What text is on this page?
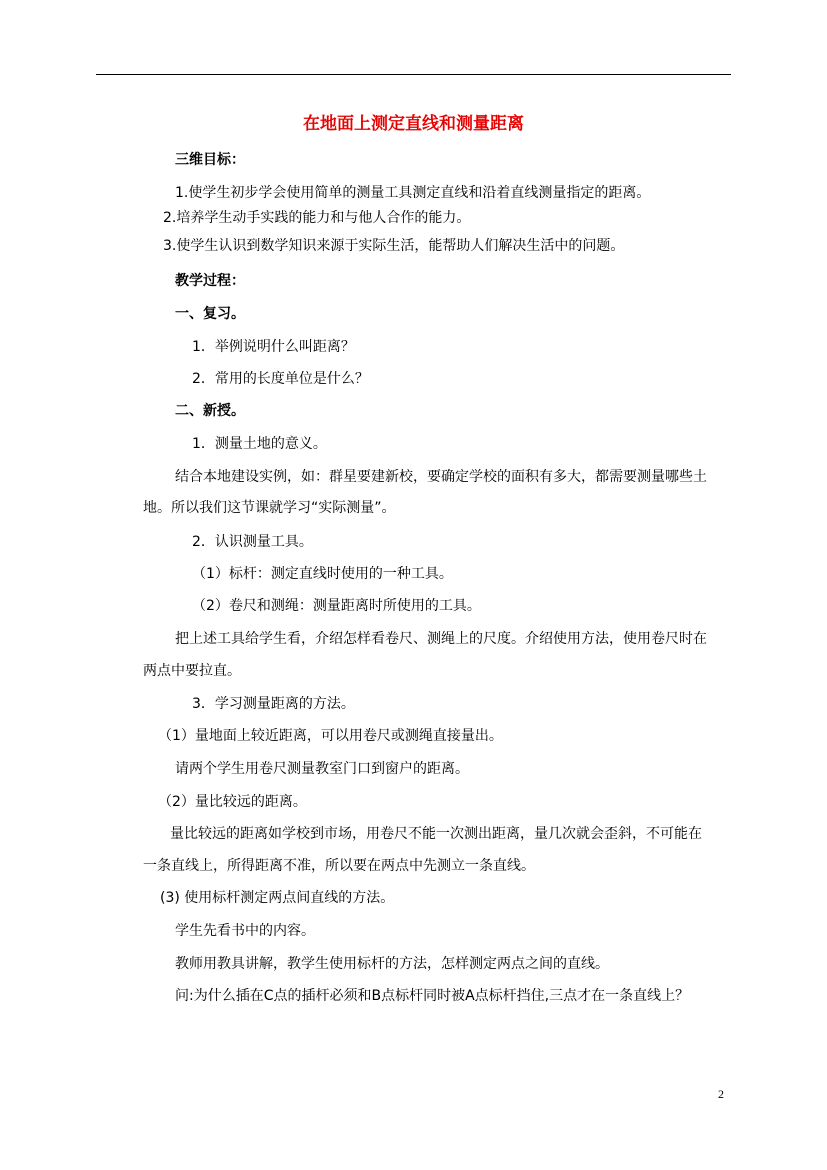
在地面上测定直线和测量距离
三维目标：
1.使学生初步学会使用简单的测量工具测定直线和沿着直线测量指定的距离。
2.培养学生动手实践的能力和与他人合作的能力。
3.使学生认识到数学知识来源于实际生活，能帮助人们解决生活中的问题。
教学过程：
一、复习。
1．举例说明什么叫距离？
2．常用的长度单位是什么？
二、新授。
1．测量土地的意义。
结合本地建设实例，如：群星要建新校，要确定学校的面积有多大，都需要测量哪些土
地。所以我们这节课就学习“实际测量”。
2．认识测量工具。
（1）标杆：测定直线时使用的一种工具。
（2）卷尺和测绳：测量距离时所使用的工具。
把上述工具给学生看，介绍怎样看卷尺、测绳上的尺度。介绍使用方法，使用卷尺时在
两点中要拉直。
3．学习测量距离的方法。
（1）量地面上较近距离，可以用卷尺或测绳直接量出。
请两个学生用卷尺测量教室门口到窗户的距离。
（2）量比较远的距离。
量比较远的距离如学校到市场，用卷尺不能一次测出距离，量几次就会歪斜，不可能在
一条直线上，所得距离不准，所以要在两点中先测立一条直线。
(3) 使用标杆测定两点间直线的方法。
学生先看书中的内容。
教师用教具讲解，教学生使用标杆的方法，怎样测定两点之间的直线。
问:为什么插在C点的插杆必须和B点标杆同时被A点标杆挡住,三点才在一条直线上？
2
